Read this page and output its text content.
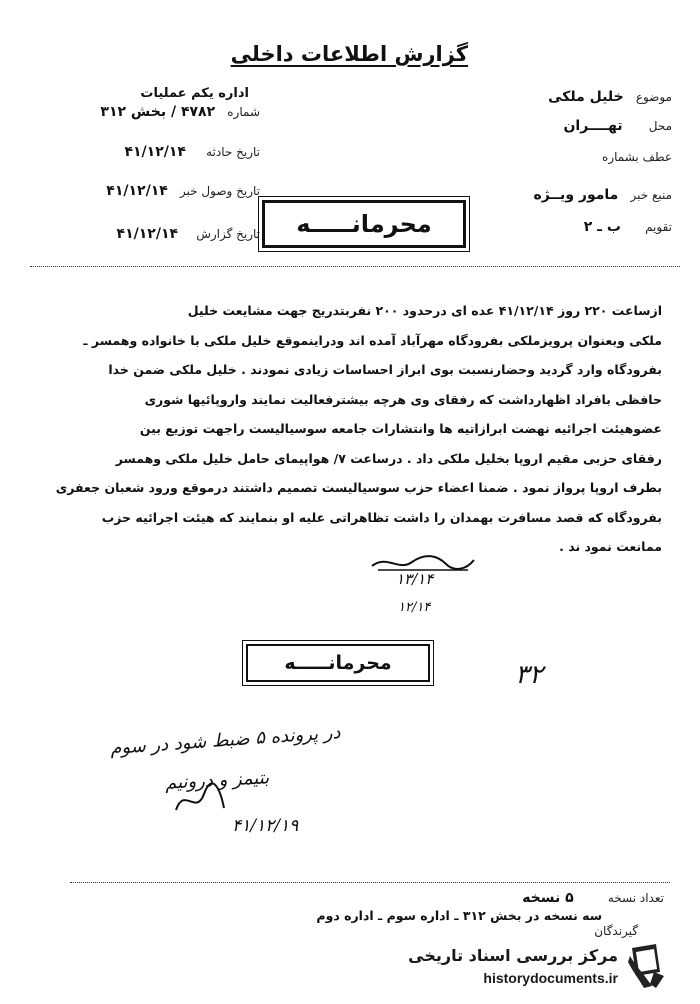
گزارش اطلاعات داخلی
موضوع خلیل ملکی
محل تهــــران
عطف بشماره
منبع خبر مامور ویــژه
تقویم ب ـ ۲
اداره یکم عملیات
شماره ۴۷۸۲ / بخش ۳۱۲
تاریخ حادثه ۴۱/۱۲/۱۴
تاریخ وصول خبر ۴۱/۱۲/۱۴
تاریخ گزارش ۴۱/۱۲/۱۴	محرمانـــــه
ازساعت ۲۲۰ روز ۴۱/۱۲/۱۴ عده ای درحدود ۲۰۰ نفربتدریج جهت مشایعت خلیل
ملکی وبعنوان پرویزملکی بفرودگاه مهرآباد آمده اند ودراینموقع خلیل ملکی با خانواده وهمسر ـ
بفرودگاه وارد گردید وحضارنسبت بوی ابراز احساسات زیادی نمودند . خلیل ملکی ضمن خدا
حافظی بافراد اظهارداشت که رفقای وی هرچه بیشترفعالیت نمایند واروپائیها شوری
عضوهیئت اجرائیه نهضت ابرازاتیه ها وانتشارات جامعه سوسیالیست راجهت توزیع بین
رفقای حزبی مقیم اروپا بخلیل ملکی داد . درساعت ۷/ هواپیمای حامل خلیل ملکی وهمسر
بطرف اروپا پرواز نمود . ضمنا اعضاء حزب سوسیالیست تصمیم داشتند درموقع ورود شعبان جعفری
بفرودگاه که قصد مسافرت بهمدان را داشت تظاهراتی علیه او بنمایند که هیئت اجرائیه حزب
ممانعت نمود ند .
۱۳/۱۴
۱۲/۱۴
محرمانـــــه	۳۲
در پرونده ۵ ضبط شود در سوم
بتیمز و درونیم
۴۱/۱۲/۱۹
تعداد نسخه ۵ نسخه
سه نسخه در بخش ۳۱۲ ـ اداره سوم ـ اداره دوم
گیرندگان
مرکز بررسی اسناد تاریخی
historydocuments.ir
